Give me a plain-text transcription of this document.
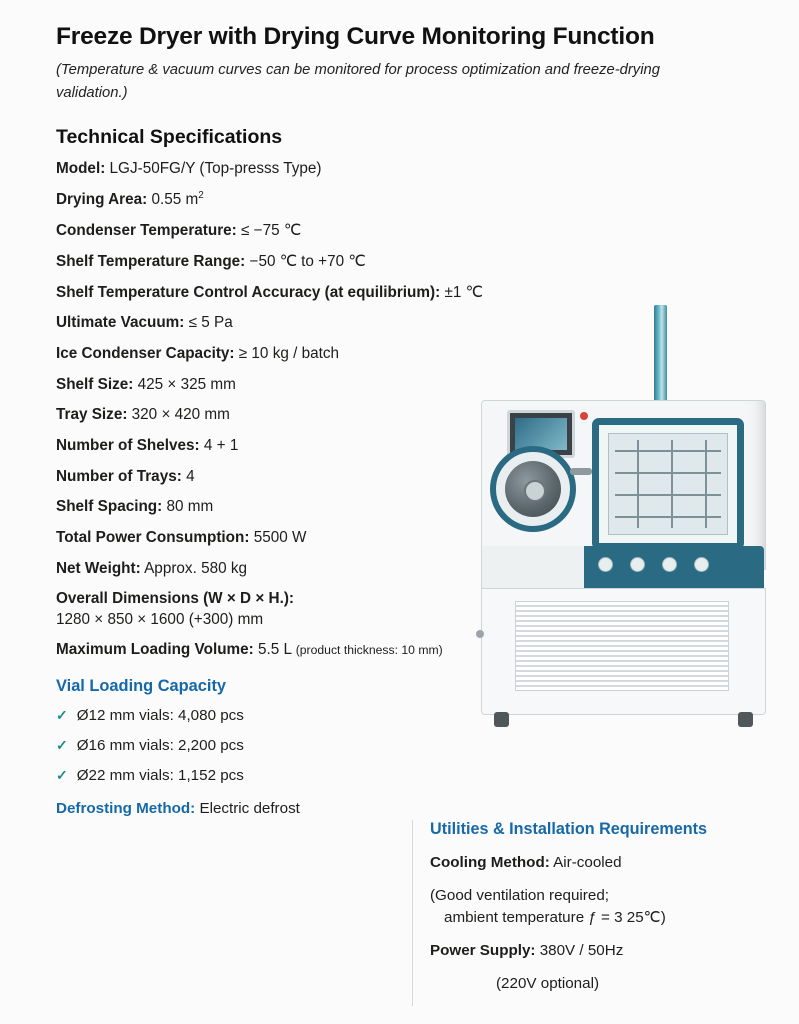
Freeze Dryer with Drying Curve Monitoring Function

(Temperature & vacuum curves can be monitored for process optimization and freeze-drying validation.)

Technical Specifications
Model: LGJ-50FG/Y (Top-presss Type)
Drying Area: 0.55 $m^2$
Condenser Temperature: ≤ −75 ℃
Shelf Temperature Range: −50 ℃ to +70 ℃
Shelf Temperature Control Accuracy (at equilibrium): ±1 ℃
Ultimate Vacuum: ≤ 5 Pa
Ice Condenser Capacity: ≥ 10 kg / batch
Shelf Size: 425 × 325 mm
Tray Size: 320 × 420 mm
Number of Shelves: 4 + 1
Number of Trays: 4
Shelf Spacing: 80 mm
Total Power Consumption: 5500 W
Net Weight: Approx. 580 kg
Overall Dimensions (W × D × H.):
1280 × 850 × 1600 (+300) mm
Maximum Loading Volume: 5.5 L (product thickness: 10 mm)
Vial Loading Capacity
✓ Ø12 mm vials: 4,080 pcs
✓ Ø16 mm vials: 2,200 pcs
✓ Ø22 mm vials: 1,152 pcs
Defrosting Method: Electric defrost
Utilities & Installation Requirements

Cooling Method: Air-cooled

(Good ventilation required;
ambient temperature ƒ = 3 25℃)

Power Supply: 380V / 50Hz

(220V optional)
